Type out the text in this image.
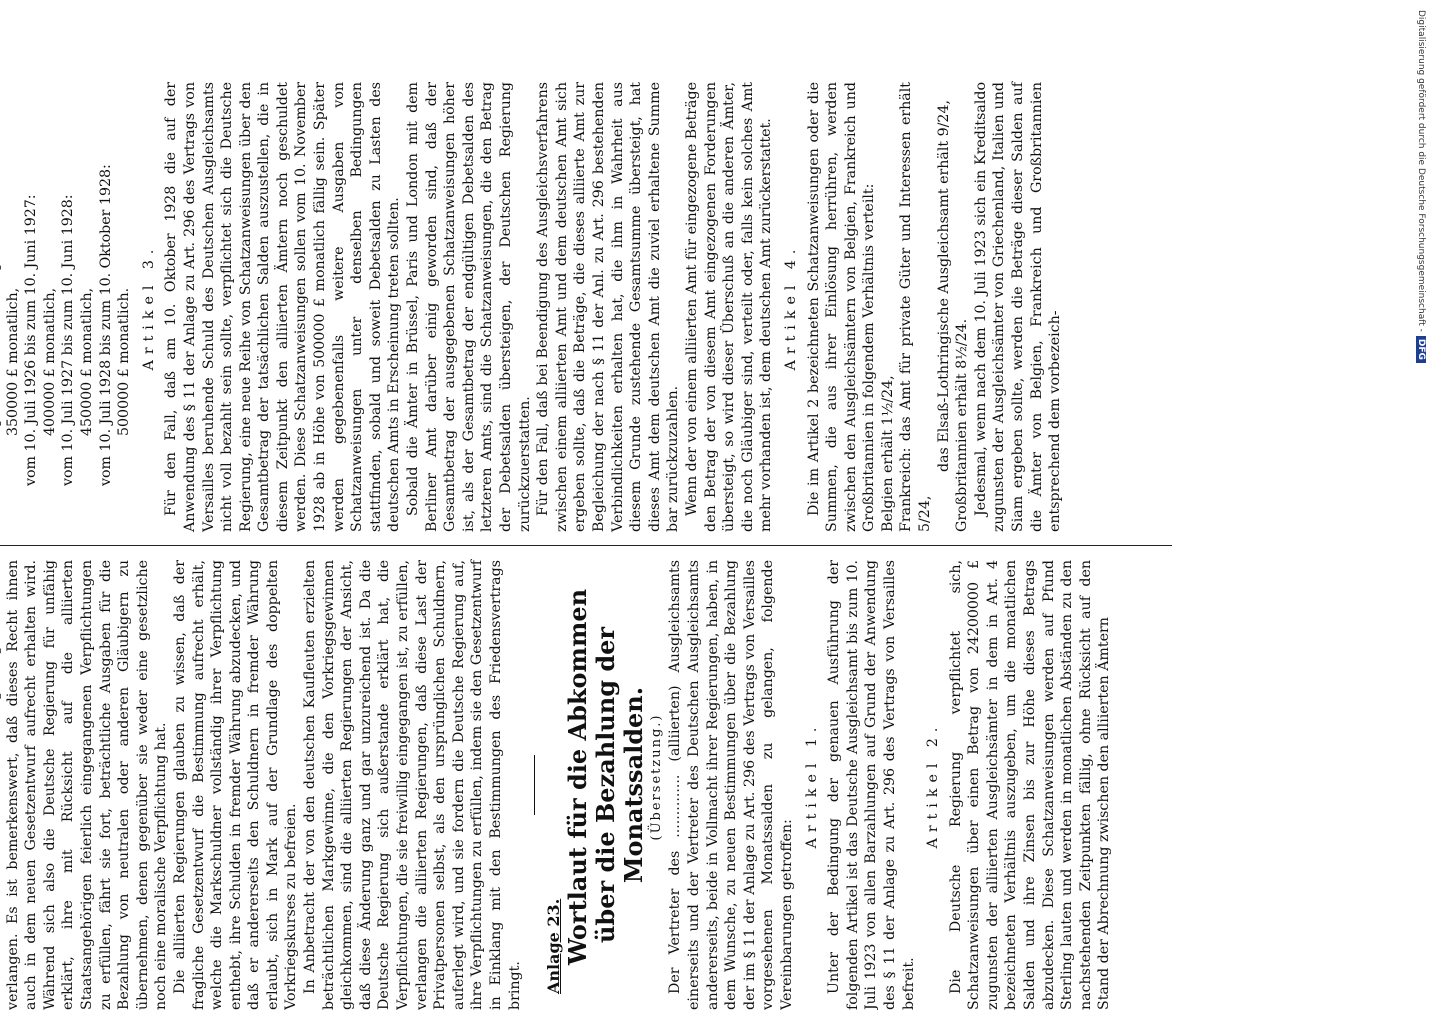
verlangen. Es ist bemerkenswert, daß dieses Recht ihnen auch in dem neuen Gesetzentwurf aufrecht erhalten wird. Während sich also die Deutsche Regierung für unfähig erklärt, ihre mit Rücksicht auf die alliierten Staatsangehörigen feierlich eingegangenen Verpflichtungen zu erfüllen, fährt sie fort, beträchtliche Ausgaben für die Bezahlung von neutralen oder anderen Gläubigern zu übernehmen, denen gegenüber sie weder eine gesetzliche noch eine moralische Verpflichtung hat. Die alliierten Regierungen glauben zu wissen, daß der fragliche Gesetzentwurf die Bestimmung aufrecht erhält, welche die Markschuldner vollständig ihrer Verpflichtung enthebt, ihre Schulden in fremder Währung abzudecken, und daß er andererseits den Schuldnern in fremder Währung erlaubt, sich in Mark auf der Grundlage des doppelten Vorkriegskurses zu befreien. In Anbetracht der von den deutschen Kaufleuten erzielten beträchtlichen Markgewinne, die den Vorkriegsgewinnen gleichkommen, sind die alliierten Regierungen der Ansicht, daß diese Änderung ganz und gar unzureichend ist. Da die Deutsche Regierung sich außerstande erklärt hat, die Verpflichtungen, die sie freiwillig eingegangen ist, zu erfüllen, verlangen die alliierten Regierungen, daß diese Last der Privatpersonen selbst, als den ursprünglichen Schuldnern, auferlegt wird, und sie fordern die Deutsche Regierung auf, ihre Verpflichtungen zu erfüllen, indem sie den Gesetzentwurf in Einklang mit den Bestimmungen des Friedensvertrags bringt. Anlage 23. Wortlaut für die Abkommen über die Bezahlung der Monatssalden. (Übersetzung.) Der Vertreter des .............. (alliierten) Ausgleichsamts einerseits und der Vertreter des Deutschen Ausgleichsamts andererseits, beide in Vollmacht ihrer Regierungen, haben, in dem Wunsche, zu neuen Bestimmungen über die Bezahlung der im § 11 der Anlage zu Art. 296 des Vertrags von Versailles vorgesehenen Monatssalden zu gelangen, folgende Vereinbarungen getroffen:

Artikel 1. Unter der Bedingung der genauen Ausführung der folgenden Artikel ist das Deutsche Ausgleichsamt bis zum 10. Juli 1923 von allen Barzahlungen auf Grund der Anwendung des § 11 der Anlage zu Art. 296 des Vertrags von Versailles befreit.

Artikel 2. Die Deutsche Regierung verpflichtet sich, Schatzanweisungen über einen Betrag von 24200000 £ zugunsten der alliierten Ausgleichsämter in dem in Art. 4 bezeichneten Verhältnis auszugeben, um die monatlichen Salden und ihre Zinsen bis zur Höhe dieses Betrags abzudecken. Diese Schatzanweisungen werden auf Pfund Sterling lauten und werden in monatlichen Abständen zu den nachstehenden Zeitpunkten fällig, ohne Rücksicht auf den Stand der Abrechnung zwischen den alliierten Ämtern

350000 £ monatlich, vom 10. Juli 1926 bis zum 10. Juni 1927: 400000 £ monatlich, vom 10. Juli 1927 bis zum 10. Juni 1928: 450000 £ monatlich, vom 10. Juli 1928 bis zum 10. Oktober 1928: 500000 £ monatlich. Artikel 3. Für den Fall, daß am 10. Oktober 1928 die auf der Anwendung des § 11 der Anlage zu Art. 296 des Vertrags von Versailles beruhende Schuld des Deutschen Ausgleichsamts nicht voll bezahlt sein sollte, verpflichtet sich die Deutsche Regierung, eine neue Reihe von Schatzanweisungen über den Gesamtbetrag der tatsächlichen Salden auszustellen, die in diesem Zeitpunkt den alliierten Ämtern noch geschuldet werden. Diese Schatzanweisungen sollen vom 10. November 1928 ab in Höhe von 500000 £ monatlich fällig sein. Später werden gegebenenfalls weitere Ausgaben von Schatzanweisungen unter denselben Bedingungen stattfinden, sobald und soweit Debetsalden zu Lasten des deutschen Amts in Erscheinung treten sollten. Sobald die Ämter in Brüssel, Paris und London mit dem Berliner Amt darüber einig geworden sind, daß der Gesamtbetrag der ausgegebenen Schatzanweisungen höher ist, als der Gesamtbetrag der endgültigen Debetsalden des letzteren Amts, sind die Schatzanweisungen, die den Betrag der Debetsalden übersteigen, der Deutschen Regierung zurückzuerstatten. Für den Fall, daß bei Beendigung des Ausgleichsverfahrens zwischen einem alliierten Amt und dem deutschen Amt sich ergeben sollte, daß die Beträge, die dieses alliierte Amt zur Begleichung der nach § 11 der Anl. zu Art. 296 bestehenden Verbindlichkeiten erhalten hat, die ihm in Wahrheit aus diesem Grunde zustehende Gesamtsumme übersteigt, hat dieses Amt dem deutschen Amt die zuviel erhaltene Summe bar zurückzuzahlen. Wenn der von einem alliierten Amt für eingezogene Beträge den Betrag der von diesem Amt eingezogenen Forderungen übersteigt, so wird dieser Überschuß an die anderen Ämter, die noch Gläubiger sind, verteilt oder, falls kein solches Amt mehr vorhanden ist, dem deutschen Amt zurückerstattet. Artikel 4. Die im Artikel 2 bezeichneten Schatzanweisungen oder die Summen, die aus ihrer Einlösung herrühren, werden zwischen den Ausgleichsämtern von Belgien, Frankreich und Großbritannien in folgendem Verhältnis verteilt: Belgien erhält 1½/24, Frankreich: das Amt für private Güter und Interessen erhält 5/24,

das Elsaß-Lothringische Ausgleichsamt erhält 9/24, Großbritannien erhält 8½/24. Jedesmal, wenn nach dem 10. Juli 1923 sich ein Kreditsaldo zugunsten der Ausgleichsämter von Griechenland, Italien und Siam ergeben sollte, werden die Beträge dieser Salden auf die Ämter von Belgien, Frankreich und Großbritannien entsprechend dem vorbezeich-

Digitalisierung gefördert durch die Deutsche Forschungsgemeinschaft -DFG
